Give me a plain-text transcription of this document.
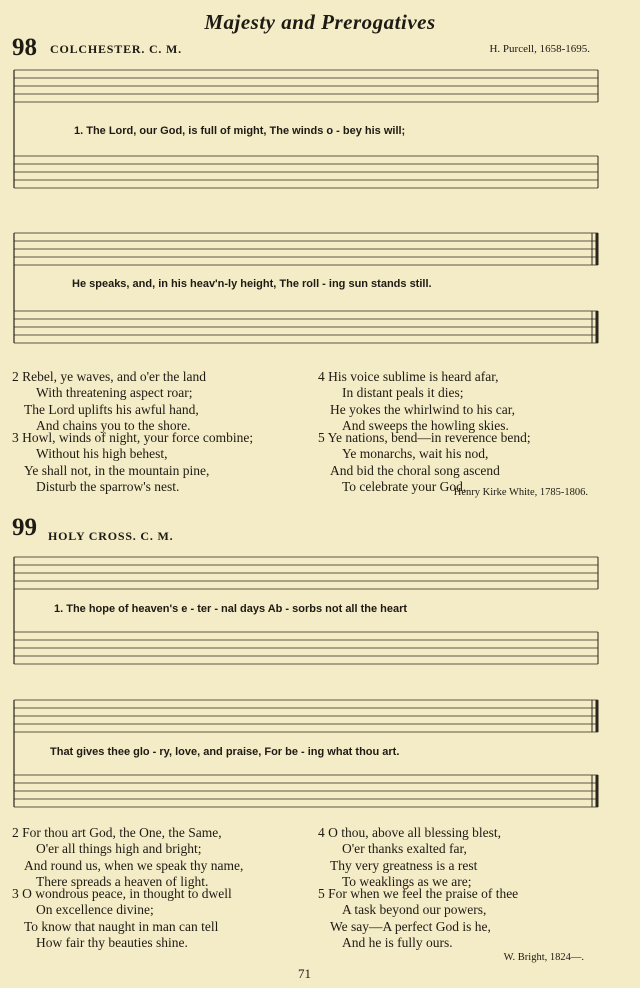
Majesty and Prerogatives
98 COLCHESTER. C. M.	H. Purcell, 1658-1695.
1. The Lord, our God, is full of might, The winds o - bey his will;
He speaks, and, in his heav'n-ly height, The roll - ing sun stands still.
2 Rebel, ye waves, and o'er the land
With threatening aspect roar;
The Lord uplifts his awful hand,
And chains you to the shore.
3 Howl, winds of night, your force combine;
Without his high behest,
Ye shall not, in the mountain pine,
Disturb the sparrow's nest.
4 His voice sublime is heard afar,
In distant peals it dies;
He yokes the whirlwind to his car,
And sweeps the howling skies.
5 Ye nations, bend—in reverence bend;
Ye monarchs, wait his nod,
And bid the choral song ascend
To celebrate your God,
Henry Kirke White, 1785-1806.
99 HOLY CROSS. C. M.
1. The hope of heaven's e - ter - nal days Ab - sorbs not all the heart
That gives thee glo - ry, love, and praise, For be - ing what thou art.
2 For thou art God, the One, the Same,
O'er all things high and bright;
And round us, when we speak thy name,
There spreads a heaven of light.
3 O wondrous peace, in thought to dwell
On excellence divine;
To know that naught in man can tell
How fair thy beauties shine.
4 O thou, above all blessing blest,
O'er thanks exalted far,
Thy very greatness is a rest
To weaklings as we are;
5 For when we feel the praise of thee
A task beyond our powers,
We say—A perfect God is he,
And he is fully ours.
W. Bright, 1824—.
71
